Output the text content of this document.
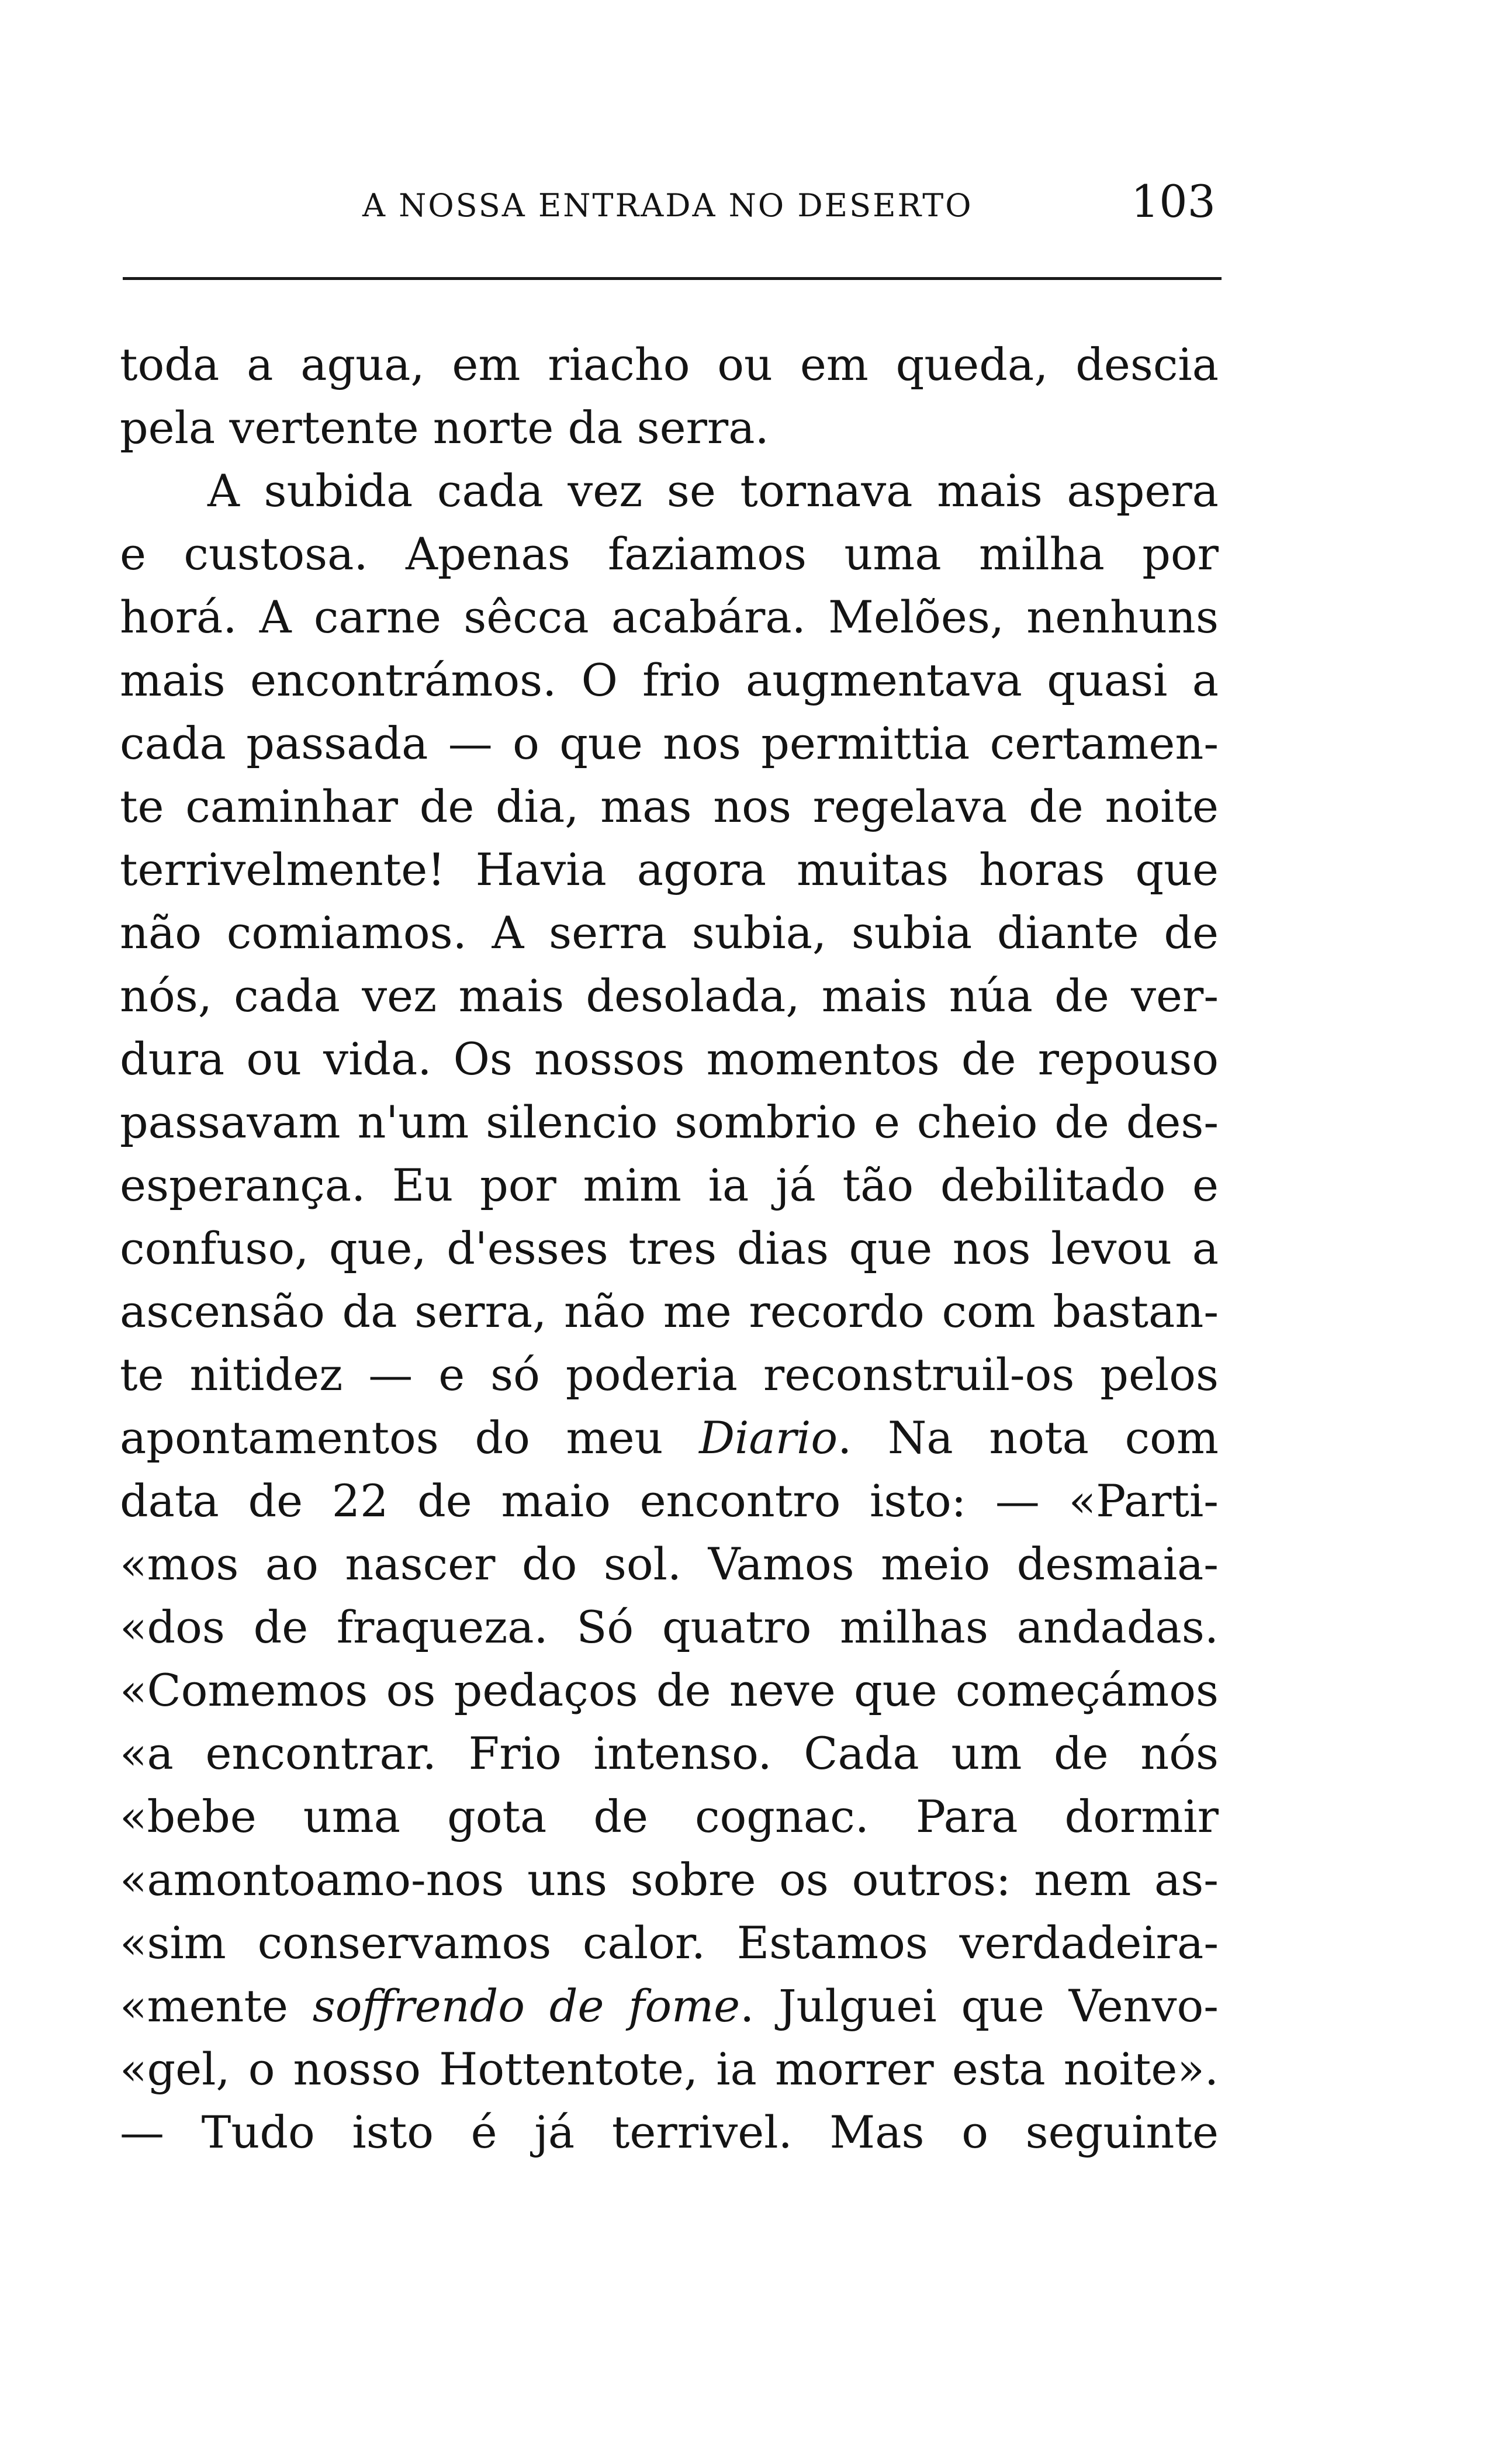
A NOSSA ENTRADA NO DESERTO	103
toda a agua, em riacho ou em queda, descia
pela vertente norte da serra.
A subida cada vez se tornava mais aspera
e custosa. Apenas faziamos uma milha por
horá. A carne sêcca acabára. Melões, nenhuns
mais encontrámos. O frio augmentava quasi a
cada passada — o que nos permittia certamen-
te caminhar de dia, mas nos regelava de noite
terrivelmente! Havia agora muitas horas que
não comiamos. A serra subia, subia diante de
nós, cada vez mais desolada, mais núa de ver-
dura ou vida. Os nossos momentos de repouso
passavam n'um silencio sombrio e cheio de des-
esperança. Eu por mim ia já tão debilitado e
confuso, que, d'esses tres dias que nos levou a
ascensão da serra, não me recordo com bastan-
te nitidez — e só poderia reconstruil-os pelos
apontamentos do meu Diario. Na nota com
data de 22 de maio encontro isto: — «Parti-
«mos ao nascer do sol. Vamos meio desmaia-
«dos de fraqueza. Só quatro milhas andadas.
«Comemos os pedaços de neve que começámos
«a encontrar. Frio intenso. Cada um de nós
«bebe uma gota de cognac. Para dormir
«amontoamo-nos uns sobre os outros: nem as-
«sim conservamos calor. Estamos verdadeira-
«mente soffrendo de fome. Julguei que Venvo-
«gel, o nosso Hottentote, ia morrer esta noite».
— Tudo isto é já terrivel. Mas o seguinte
